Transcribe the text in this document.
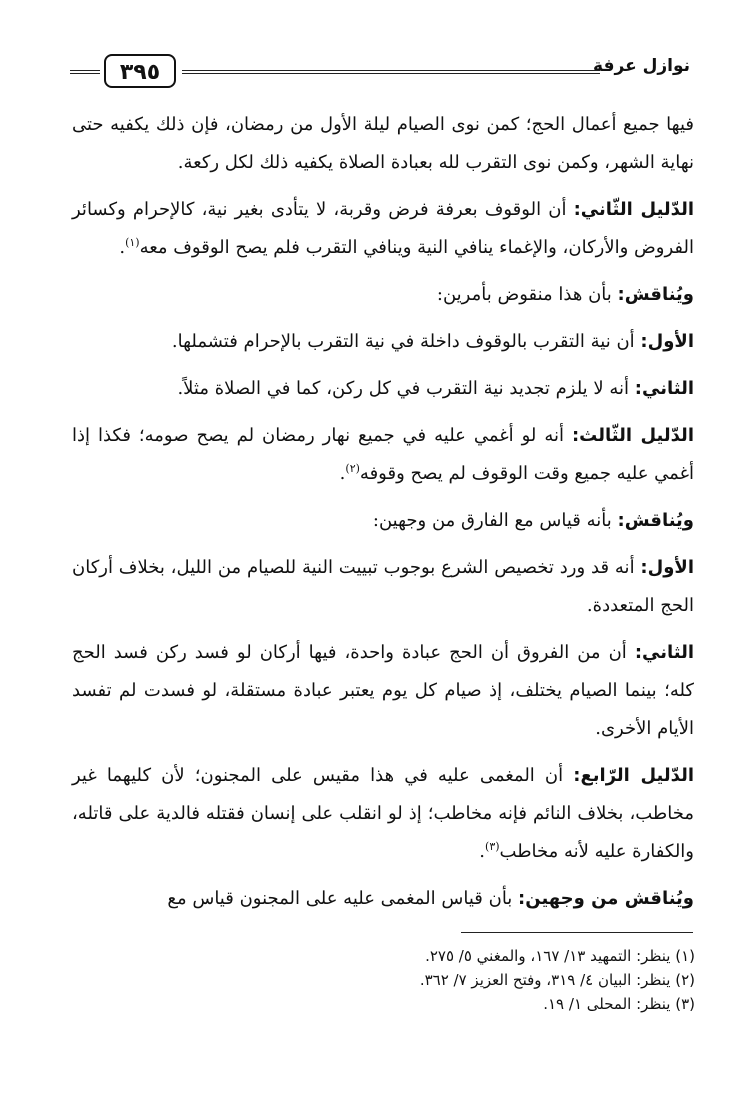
نوازل عرفة
٣٩٥

فيها جميع أعمال الحج؛ كمن نوى الصيام ليلة الأول من رمضان، فإن ذلك يكفيه حتى نهاية الشهر، وكمن نوى التقرب لله بعبادة الصلاة يكفيه ذلك لكل ركعة.

الدّليل الثّاني: أن الوقوف بعرفة فرض وقربة، لا يتأدى بغير نية، كالإحرام وكسائر الفروض والأركان، والإغماء ينافي النية وينافي التقرب فلم يصح الوقوف معه$^{(١)}$.

ويُناقش: بأن هذا منقوض بأمرين:

الأول: أن نية التقرب بالوقوف داخلة في نية التقرب بالإحرام فتشملها.

الثاني: أنه لا يلزم تجديد نية التقرب في كل ركن، كما في الصلاة مثلاً.

الدّليل الثّالث: أنه لو أغمي عليه في جميع نهار رمضان لم يصح صومه؛ فكذا إذا أغمي عليه جميع وقت الوقوف لم يصح وقوفه$^{(٢)}$.

ويُناقش: بأنه قياس مع الفارق من وجهين:

الأول: أنه قد ورد تخصيص الشرع بوجوب تبييت النية للصيام من الليل، بخلاف أركان الحج المتعددة.

الثاني: أن من الفروق أن الحج عبادة واحدة، فيها أركان لو فسد ركن فسد الحج كله؛ بينما الصيام يختلف، إذ صيام كل يوم يعتبر عبادة مستقلة، لو فسدت لم تفسد الأيام الأخرى.

الدّليل الرّابع: أن المغمى عليه في هذا مقيس على المجنون؛ لأن كليهما غير مخاطب، بخلاف النائم فإنه مخاطب؛ إذ لو انقلب على إنسان فقتله فالدية على قاتله، والكفارة عليه لأنه مخاطب$^{(٣)}$.

ويُناقش من وجهين: بأن قياس المغمى عليه على المجنون قياس مع

(١) ينظر: التمهيد ١٣/ ١٦٧، والمغني ٥/ ٢٧٥.
(٢) ينظر: البيان ٤/ ٣١٩، وفتح العزيز ٧/ ٣٦٢.
(٣) ينظر: المحلى ١/ ١٩.
